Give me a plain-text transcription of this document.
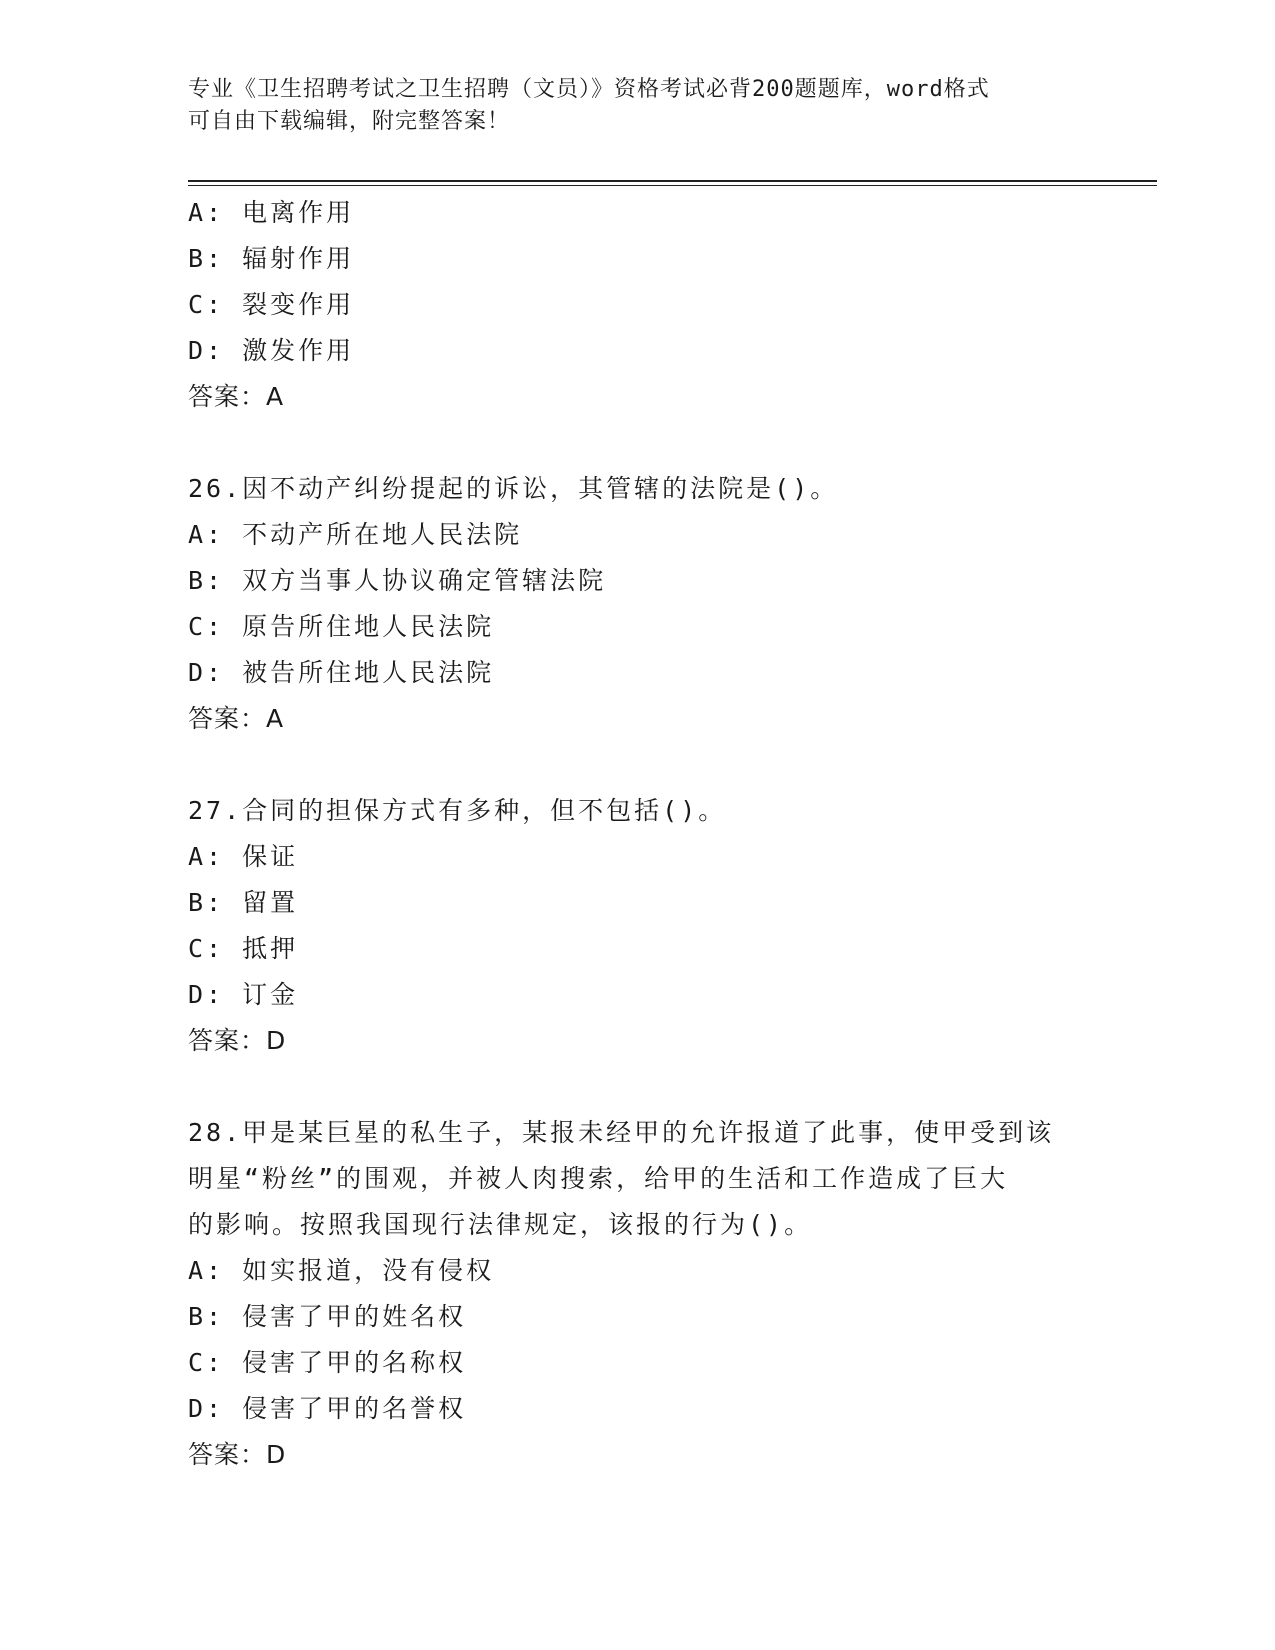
专业《卫生招聘考试之卫生招聘（文员）》资格考试必背200题题库，word格式
可自由下载编辑，附完整答案！
A: 电离作用
B: 辐射作用
C: 裂变作用
D: 激发作用
答案：A
26.因不动产纠纷提起的诉讼，其管辖的法院是()。
A: 不动产所在地人民法院
B: 双方当事人协议确定管辖法院
C: 原告所住地人民法院
D: 被告所住地人民法院
答案：A
27.合同的担保方式有多种，但不包括()。
A: 保证
B: 留置
C: 抵押
D: 订金
答案：D
28.甲是某巨星的私生子，某报未经甲的允许报道了此事，使甲受到该
明星“粉丝”的围观，并被人肉搜索，给甲的生活和工作造成了巨大
的影响。按照我国现行法律规定，该报的行为()。
A: 如实报道，没有侵权
B: 侵害了甲的姓名权
C: 侵害了甲的名称权
D: 侵害了甲的名誉权
答案：D
